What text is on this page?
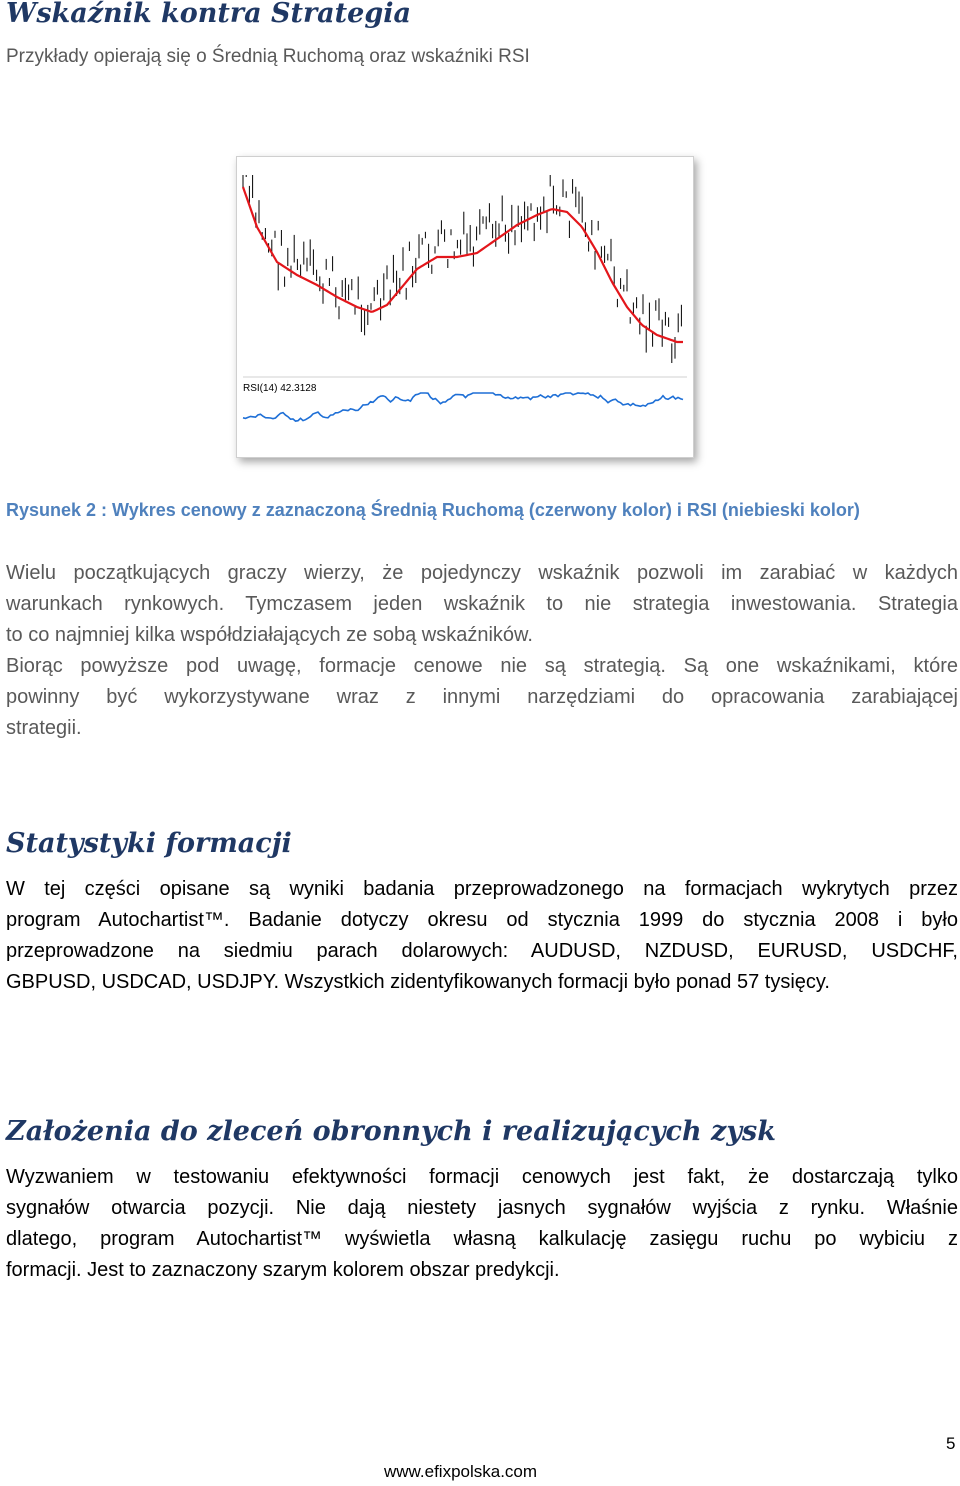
Wskaźnik kontra Strategia
Przykłady opierają się o Średnią Ruchomą oraz wskaźniki RSI
RSI(14) 42.3128
Rysunek 2 : Wykres cenowy z zaznaczoną Średnią Ruchomą (czerwony kolor) i RSI (niebieski kolor)
Wielu początkujących graczy wierzy, że pojedynczy wskaźnik pozwoli im zarabiać w każdych
warunkach rynkowych. Tymczasem jeden wskaźnik to nie strategia inwestowania. Strategia
to co najmniej kilka współdziałających ze sobą wskaźników.
Biorąc powyższe pod uwagę, formacje cenowe nie są strategią. Są one wskaźnikami, które
powinny być wykorzystywane wraz z innymi narzędziami do opracowania zarabiającej
strategii.
Statystyki formacji
W tej części opisane są wyniki badania przeprowadzonego na formacjach wykrytych przez
program Autochartist™. Badanie dotyczy okresu od stycznia 1999 do stycznia 2008 i było
przeprowadzone na siedmiu parach dolarowych: AUDUSD, NZDUSD, EURUSD, USDCHF,
GBPUSD, USDCAD, USDJPY. Wszystkich zidentyfikowanych formacji było ponad 57 tysięcy.
Założenia do zleceń obronnych i realizujących zysk
Wyzwaniem w testowaniu efektywności formacji cenowych jest fakt, że dostarczają tylko
sygnałów otwarcia pozycji. Nie dają niestety jasnych sygnałów wyjścia z rynku. Właśnie
dlatego, program Autochartist™ wyświetla własną kalkulację zasięgu ruchu po wybiciu z
formacji. Jest to zaznaczony szarym kolorem obszar predykcji.
5
www.efixpolska.com
